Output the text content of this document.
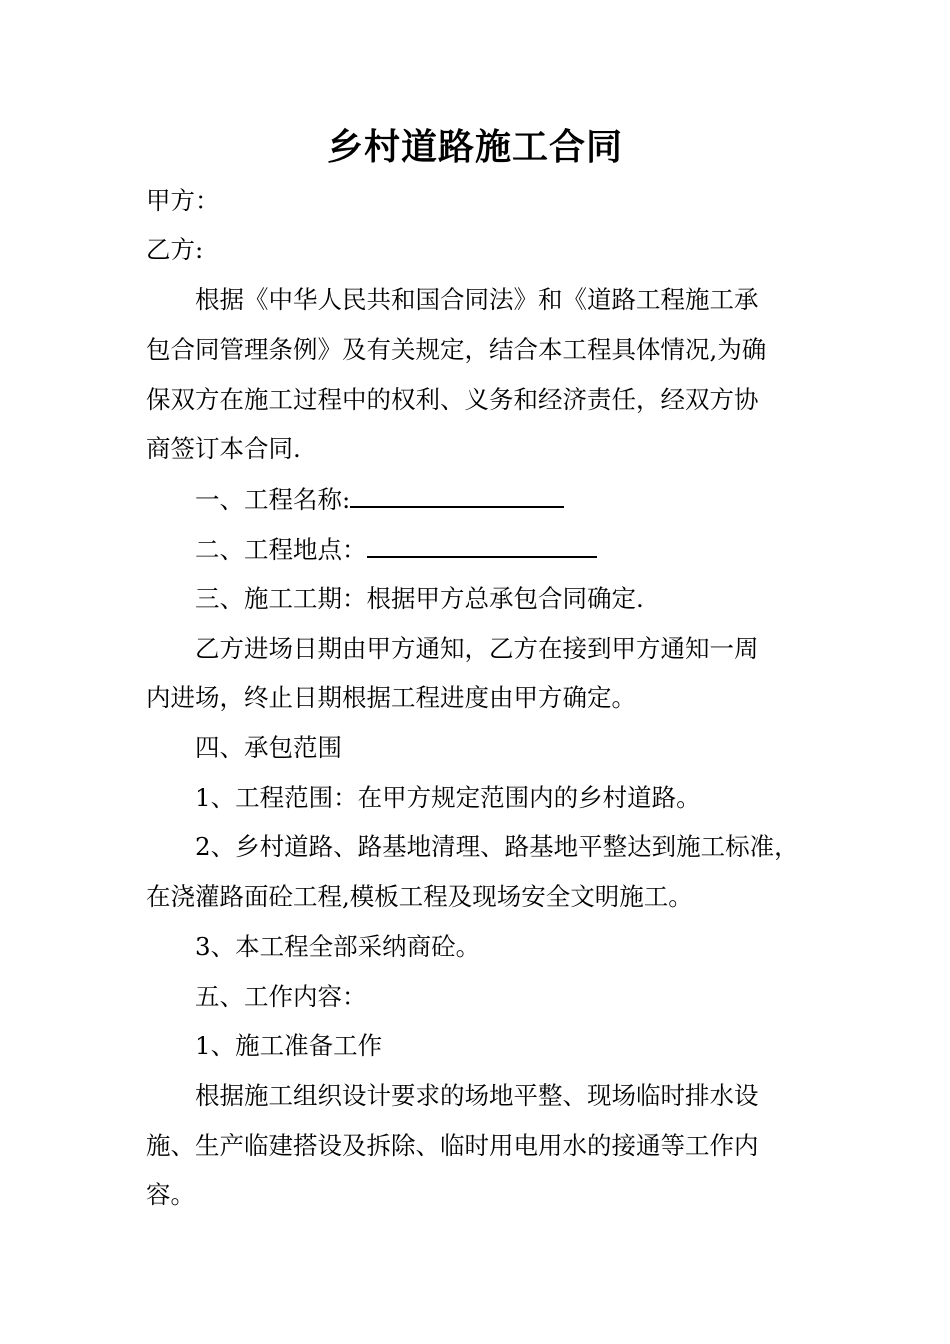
乡村道路施工合同
甲方：
乙方:
根据《中华人民共和国合同法》和《道路工程施工承
包合同管理条例》及有关规定，结合本工程具体情况,为确
保双方在施工过程中的权利、义务和经济责任，经双方协
商签订本合同.
一、工程名称:
二、工程地点：
三、施工工期：根据甲方总承包合同确定.
乙方进场日期由甲方通知，乙方在接到甲方通知一周
内进场，终止日期根据工程进度由甲方确定。
四、承包范围
1、工程范围：在甲方规定范围内的乡村道路。
2、乡村道路、路基地清理、路基地平整达到施工标准，
在浇灌路面砼工程,模板工程及现场安全文明施工。
3、本工程全部采纳商砼。
五、工作内容：
1、施工准备工作
根据施工组织设计要求的场地平整、现场临时排水设
施、生产临建搭设及拆除、临时用电用水的接通等工作内
容。
